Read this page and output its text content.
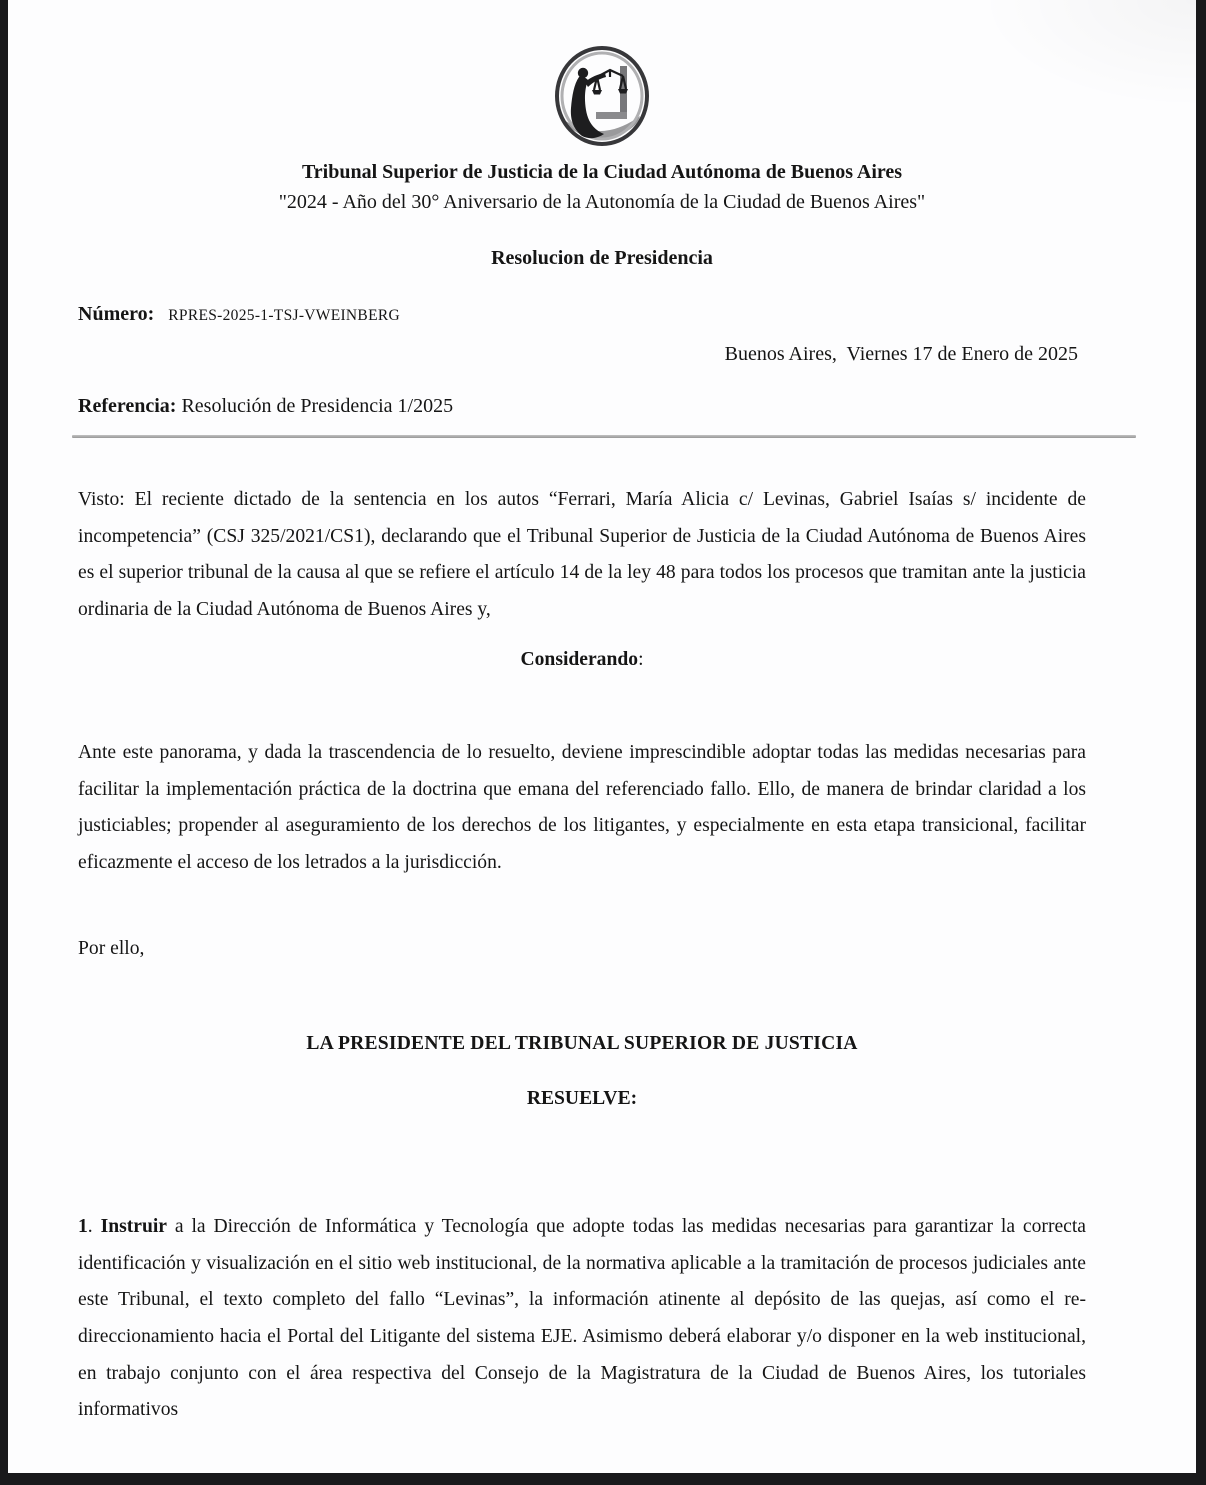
Tribunal Superior de Justicia de la Ciudad Autónoma de Buenos Aires
"2024 - Año del 30° Aniversario de la Autonomía de la Ciudad de Buenos Aires"
Resolucion de Presidencia
Número: RPRES-2025-1-TSJ-VWEINBERG
Buenos Aires,  Viernes 17 de Enero de 2025
Referencia: Resolución de Presidencia 1/2025

Visto: El reciente dictado de la sentencia en los autos “Ferrari, María Alicia c/ Levinas, Gabriel Isaías s/ incidente de incompetencia” (CSJ 325/2021/CS1), declarando que el Tribunal Superior de Justicia de la Ciudad Autónoma de Buenos Aires es el superior tribunal de la causa al que se refiere el artículo 14 de la ley 48 para todos los procesos que tramitan ante la justicia ordinaria de la Ciudad Autónoma de Buenos Aires y,

Considerando:

Ante este panorama, y dada la trascendencia de lo resuelto, deviene imprescindible adoptar todas las medidas necesarias para facilitar la implementación práctica de la doctrina que emana del referenciado fallo. Ello, de manera de brindar claridad a los justiciables; propender al aseguramiento de los derechos de los litigantes, y especialmente en esta etapa transicional, facilitar eficazmente el acceso de los letrados a la jurisdicción.

Por ello,

LA PRESIDENTE DEL TRIBUNAL SUPERIOR DE JUSTICIA

RESUELVE:

1. Instruir a la Dirección de Informática y Tecnología que adopte todas las medidas necesarias para garantizar la correcta identificación y visualización en el sitio web institucional, de la normativa aplicable a la tramitación de procesos judiciales ante este Tribunal, el texto completo del fallo “Levinas”, la información atinente al depósito de las quejas, así como el re-direccionamiento hacia el Portal del Litigante del sistema EJE. Asimismo deberá elaborar y/o disponer en la web institucional, en trabajo conjunto con el área respectiva del Consejo de la Magistratura de la Ciudad de Buenos Aires, los tutoriales informativos
